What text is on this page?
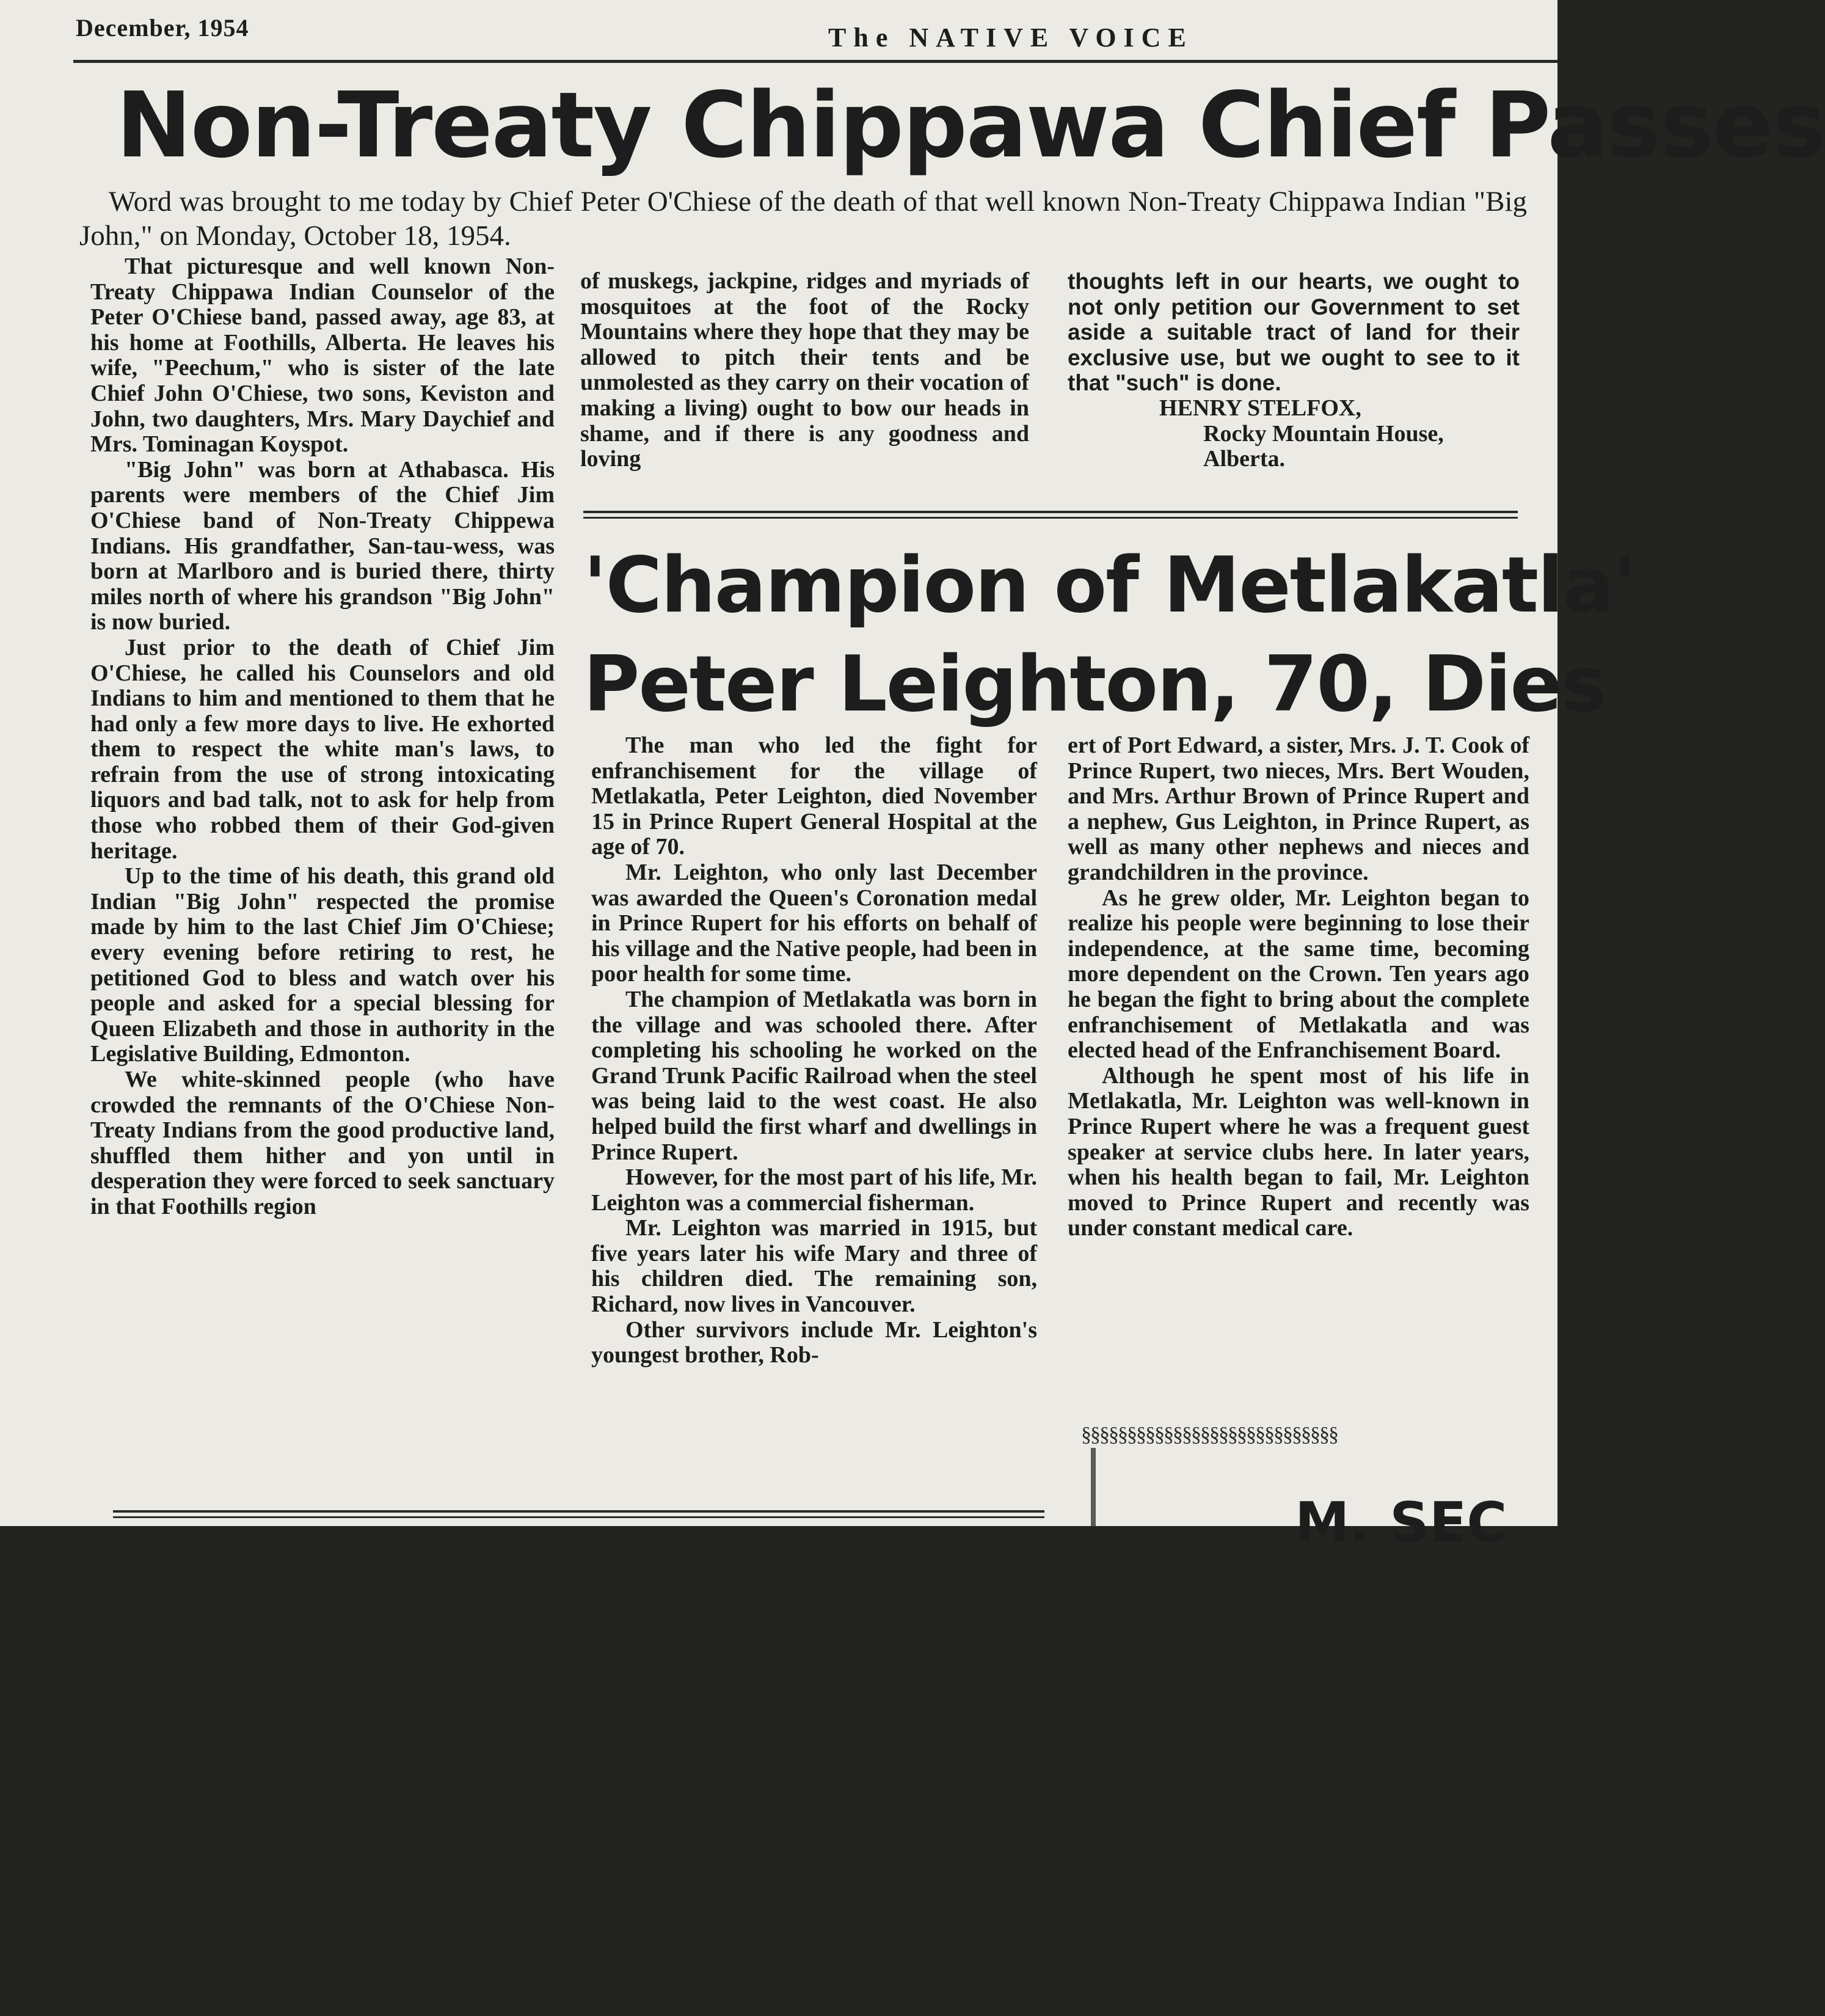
December, 1954	The NATIVE VOICE
Non-Treaty Chippawa Chief Passes
Word was brought to me today by Chief Peter O'Chiese of the death of that well known Non-Treaty Chippawa Indian "Big John," on Monday, October 18, 1954.

That picturesque and well known Non-Treaty Chippawa Indian Counselor of the Peter O'Chiese band, passed away, age 83, at his home at Foothills, Alberta. He leaves his wife, "Peechum," who is sister of the late Chief John O'Chiese, two sons, Keviston and John, two daughters, Mrs. Mary Daychief and Mrs. Tominagan Koyspot.

"Big John" was born at Athabasca. His parents were members of the Chief Jim O'Chiese band of Non-Treaty Chippewa Indians. His grandfather, San-tau-wess, was born at Marlboro and is buried there, thirty miles north of where his grandson "Big John" is now buried.

Just prior to the death of Chief Jim O'Chiese, he called his Counselors and old Indians to him and mentioned to them that he had only a few more days to live. He exhorted them to respect the white man's laws, to refrain from the use of strong intoxicating liquors and bad talk, not to ask for help from those who robbed them of their God-given heritage.

Up to the time of his death, this grand old Indian "Big John" respected the promise made by him to the last Chief Jim O'Chiese; every evening before retiring to rest, he petitioned God to bless and watch over his people and asked for a special blessing for Queen Elizabeth and those in authority in the Legislative Building, Edmonton.

We white-skinned people (who have crowded the remnants of the O'Chiese Non-Treaty Indians from the good productive land, shuffled them hither and yon until in desperation they were forced to seek sanctuary in that Foothills region

of muskegs, jackpine, ridges and myriads of mosquitoes at the foot of the Rocky Mountains where they hope that they may be allowed to pitch their tents and be unmolested as they carry on their vocation of making a living) ought to bow our heads in shame, and if there is any goodness and loving

thoughts left in our hearts, we ought to not only petition our Government to set aside a suitable tract of land for their exclusive use, but we ought to see to it that "such" is done.

HENRY STELFOX,

Rocky Mountain House,

Alberta.

'Champion of Metlakatla'
Peter Leighton, 70, Dies

The man who led the fight for enfranchisement for the village of Metlakatla, Peter Leighton, died November 15 in Prince Rupert General Hospital at the age of 70.

Mr. Leighton, who only last December was awarded the Queen's Coronation medal in Prince Rupert for his efforts on behalf of his village and the Native people, had been in poor health for some time.

The champion of Metlakatla was born in the village and was schooled there. After completing his schooling he worked on the Grand Trunk Pacific Railroad when the steel was being laid to the west coast. He also helped build the first wharf and dwellings in Prince Rupert.

However, for the most part of his life, Mr. Leighton was a commercial fisherman.

Mr. Leighton was married in 1915, but five years later his wife Mary and three of his children died. The remaining son, Richard, now lives in Vancouver.

Other survivors include Mr. Leighton's youngest brother, Rob-

ert of Port Edward, a sister, Mrs. J. T. Cook of Prince Rupert, two nieces, Mrs. Bert Wouden, and Mrs. Arthur Brown of Prince Rupert and a nephew, Gus Leighton, in Prince Rupert, as well as many other nephews and nieces and grandchildren in the province.

As he grew older, Mr. Leighton began to realize his people were beginning to lose their independence, at the same time, becoming more dependent on the Crown. Ten years ago he began the fight to bring about the complete enfranchisement of Metlakatla and was elected head of the Enfranchisement Board.

Although he spent most of his life in Metlakatla, Mr. Leighton was well-known in Prince Rupert where he was a frequent guest speaker at service clubs here. In later years, when his health began to fail, Mr. Leighton moved to Prince Rupert and recently was under constant medical care.

§§§§§§§§§§§§§§§§§§§§§§§§§§§§
M. SEC
